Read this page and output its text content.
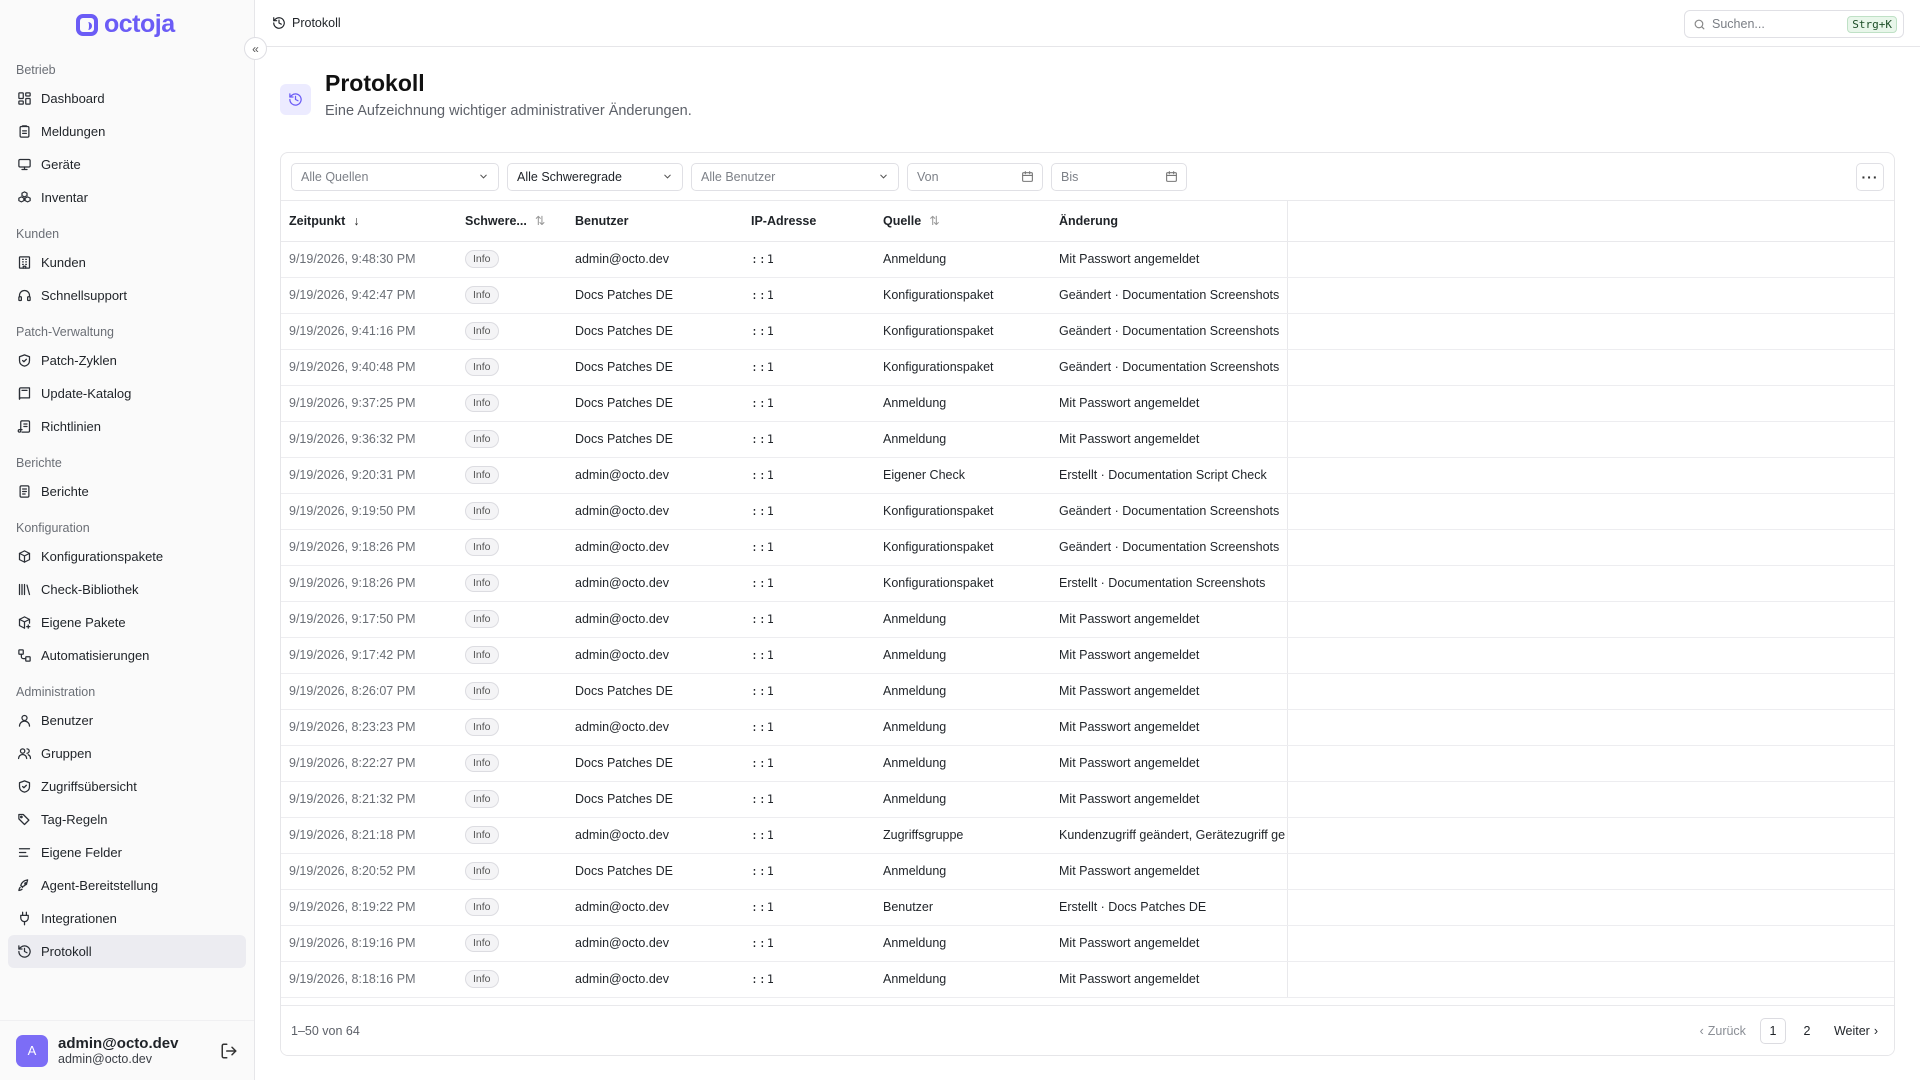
octoja
Betrieb
Dashboard
Meldungen
Geräte
Inventar
Kunden
Kunden
Schnellsupport
Patch-Verwaltung
Patch-Zyklen
Update-Katalog
Richtlinien
Berichte
Berichte
Konfiguration
Konfigurationspakete
Check-Bibliothek
Eigene Pakete
Automatisierungen
Administration
Benutzer
Gruppen
Zugriffsübersicht
Tag-Regeln
Eigene Felder
Agent-Bereitstellung
Integrationen
Protokoll
A	admin@octo.dev
admin@octo.dev
«
Protokoll	Suchen...	Strg+K
Protokoll
Eine Aufzeichnung wichtiger administrativer Änderungen.
Alle Quellen	Alle Schweregrade	Alle Benutzer	Von	Bis	···
Zeitpunkt ↓	Schwere... ⇅	Benutzer	IP-Adresse	Quelle ⇅	Änderung	
9/19/2026, 9:48:30 PM	Info	admin@octo.dev	::1	Anmeldung	Mit Passwort angemeldet	
9/19/2026, 9:42:47 PM	Info	Docs Patches DE	::1	Konfigurationspaket	Geändert · Documentation Screenshots	
9/19/2026, 9:41:16 PM	Info	Docs Patches DE	::1	Konfigurationspaket	Geändert · Documentation Screenshots	
9/19/2026, 9:40:48 PM	Info	Docs Patches DE	::1	Konfigurationspaket	Geändert · Documentation Screenshots	
9/19/2026, 9:37:25 PM	Info	Docs Patches DE	::1	Anmeldung	Mit Passwort angemeldet	
9/19/2026, 9:36:32 PM	Info	Docs Patches DE	::1	Anmeldung	Mit Passwort angemeldet	
9/19/2026, 9:20:31 PM	Info	admin@octo.dev	::1	Eigener Check	Erstellt · Documentation Script Check	
9/19/2026, 9:19:50 PM	Info	admin@octo.dev	::1	Konfigurationspaket	Geändert · Documentation Screenshots	
9/19/2026, 9:18:26 PM	Info	admin@octo.dev	::1	Konfigurationspaket	Geändert · Documentation Screenshots	
9/19/2026, 9:18:26 PM	Info	admin@octo.dev	::1	Konfigurationspaket	Erstellt · Documentation Screenshots	
9/19/2026, 9:17:50 PM	Info	admin@octo.dev	::1	Anmeldung	Mit Passwort angemeldet	
9/19/2026, 9:17:42 PM	Info	admin@octo.dev	::1	Anmeldung	Mit Passwort angemeldet	
9/19/2026, 8:26:07 PM	Info	Docs Patches DE	::1	Anmeldung	Mit Passwort angemeldet	
9/19/2026, 8:23:23 PM	Info	admin@octo.dev	::1	Anmeldung	Mit Passwort angemeldet	
9/19/2026, 8:22:27 PM	Info	Docs Patches DE	::1	Anmeldung	Mit Passwort angemeldet	
9/19/2026, 8:21:32 PM	Info	Docs Patches DE	::1	Anmeldung	Mit Passwort angemeldet	
9/19/2026, 8:21:18 PM	Info	admin@octo.dev	::1	Zugriffsgruppe	Kundenzugriff geändert, Gerätezugriff ge	
9/19/2026, 8:20:52 PM	Info	Docs Patches DE	::1	Anmeldung	Mit Passwort angemeldet	
9/19/2026, 8:19:22 PM	Info	admin@octo.dev	::1	Benutzer	Erstellt · Docs Patches DE	
9/19/2026, 8:19:16 PM	Info	admin@octo.dev	::1	Anmeldung	Mit Passwort angemeldet	
9/19/2026, 8:18:16 PM	Info	admin@octo.dev	::1	Anmeldung	Mit Passwort angemeldet	
1–50 von 64	‹ Zurück	1	2	Weiter ›
